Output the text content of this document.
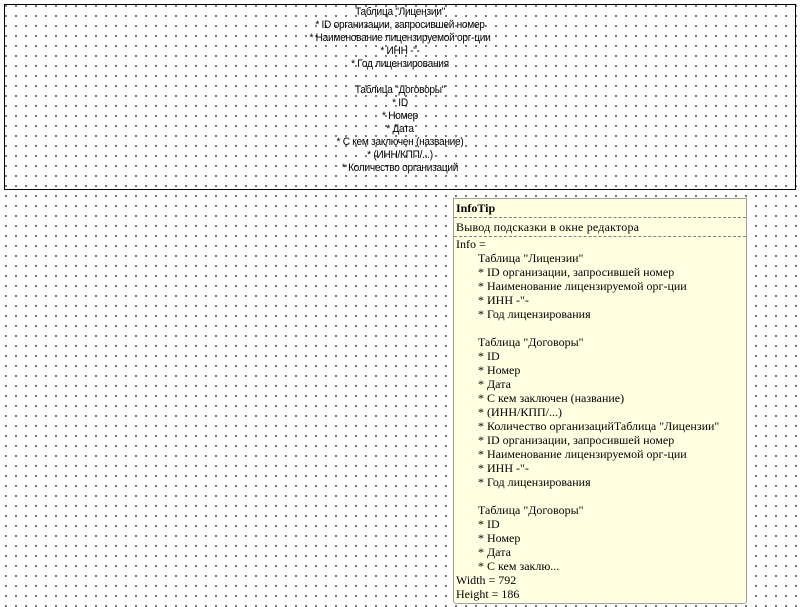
Таблица "Лицензии"
* ID организации, запросившей номер
* Наименование лицензируемой орг-ции
* ИНН -"-
* Год лицензирования
Таблица "Договоры"
* ID
* Номер
* Дата
* С кем заключен (название)
* (ИНН/КПП/...)
* Количество организаций
InfoTip
Вывод подсказки в окне редактора
Info =
Таблица "Лицензии"
* ID организации, запросившей номер
* Наименование лицензируемой орг-ции
* ИНН -"-
* Год лицензирования
Таблица "Договоры"
* ID
* Номер
* Дата
* С кем заключен (название)
* (ИНН/КПП/...)
* Количество организацийТаблица "Лицензии"
* ID организации, запросившей номер
* Наименование лицензируемой орг-ции
* ИНН -"-
* Год лицензирования
Таблица "Договоры"
* ID
* Номер
* Дата
* С кем заклю...
Width = 792
Height = 186
